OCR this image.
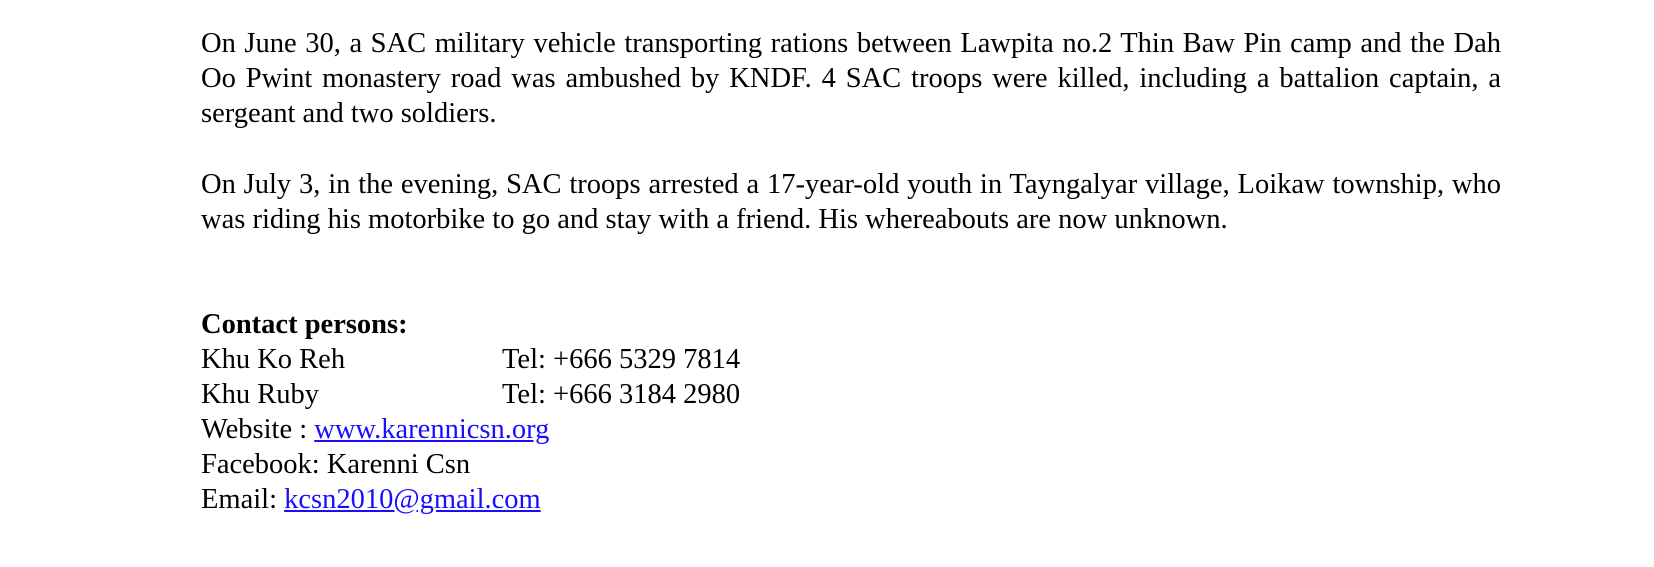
On June 30, a SAC military vehicle transporting rations between Lawpita no.2 Thin Baw Pin camp and the Dah Oo Pwint monastery road was ambushed by KNDF. 4 SAC troops were killed, including a battalion captain, a sergeant and two soldiers.

On July 3, in the evening, SAC troops arrested a 17-year-old youth in Tayngalyar village, Loikaw township, who was riding his motorbike to go and stay with a friend. His whereabouts are now unknown.

Contact persons:
Khu Ko Reh	Tel: +666 5329 7814
Khu Ruby	Tel: +666 3184 2980
Website : www.karennicsn.org
Facebook: Karenni Csn
Email: kcsn2010@gmail.com
